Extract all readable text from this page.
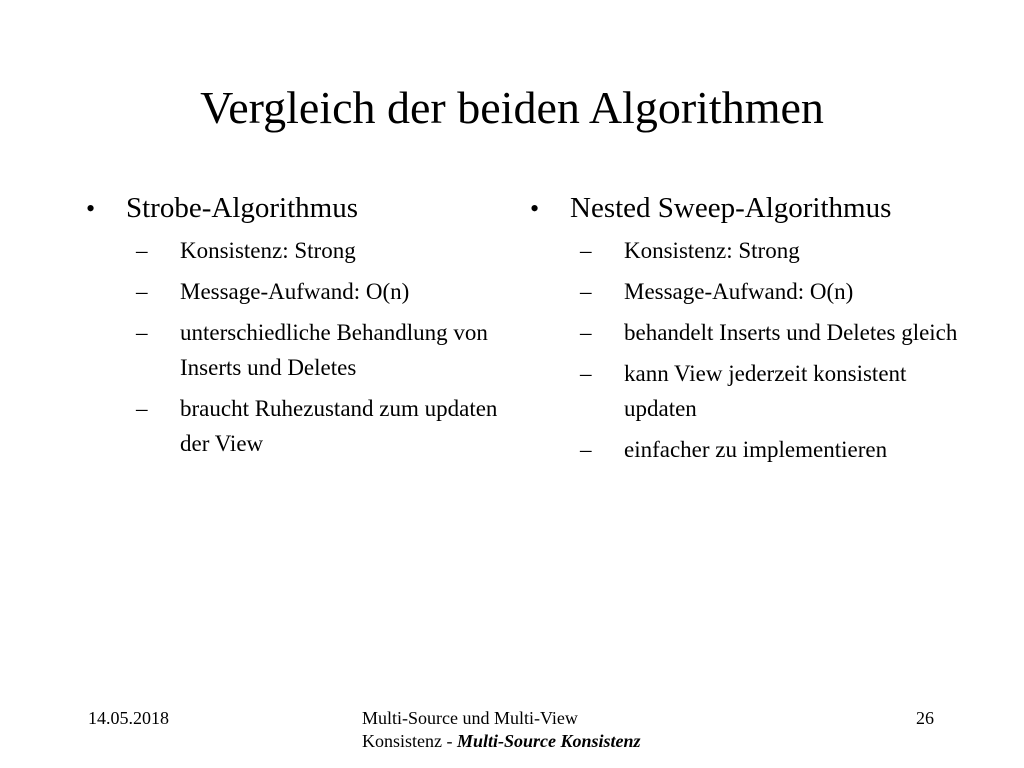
Vergleich der beiden Algorithmen
•	Strobe-Algorithmus
–	Konsistenz: Strong
–	Message-Aufwand: O(n)
–	unterschiedliche Behandlung von Inserts und Deletes
–	braucht Ruhezustand zum updaten der View
•	Nested Sweep-Algorithmus
–	Konsistenz: Strong
–	Message-Aufwand: O(n)
–	behandelt Inserts und Deletes gleich
–	kann View jederzeit konsistent updaten
–	einfacher zu implementieren
14.05.2018	Multi-Source und Multi-View
Konsistenz - Multi-Source Konsistenz
26
